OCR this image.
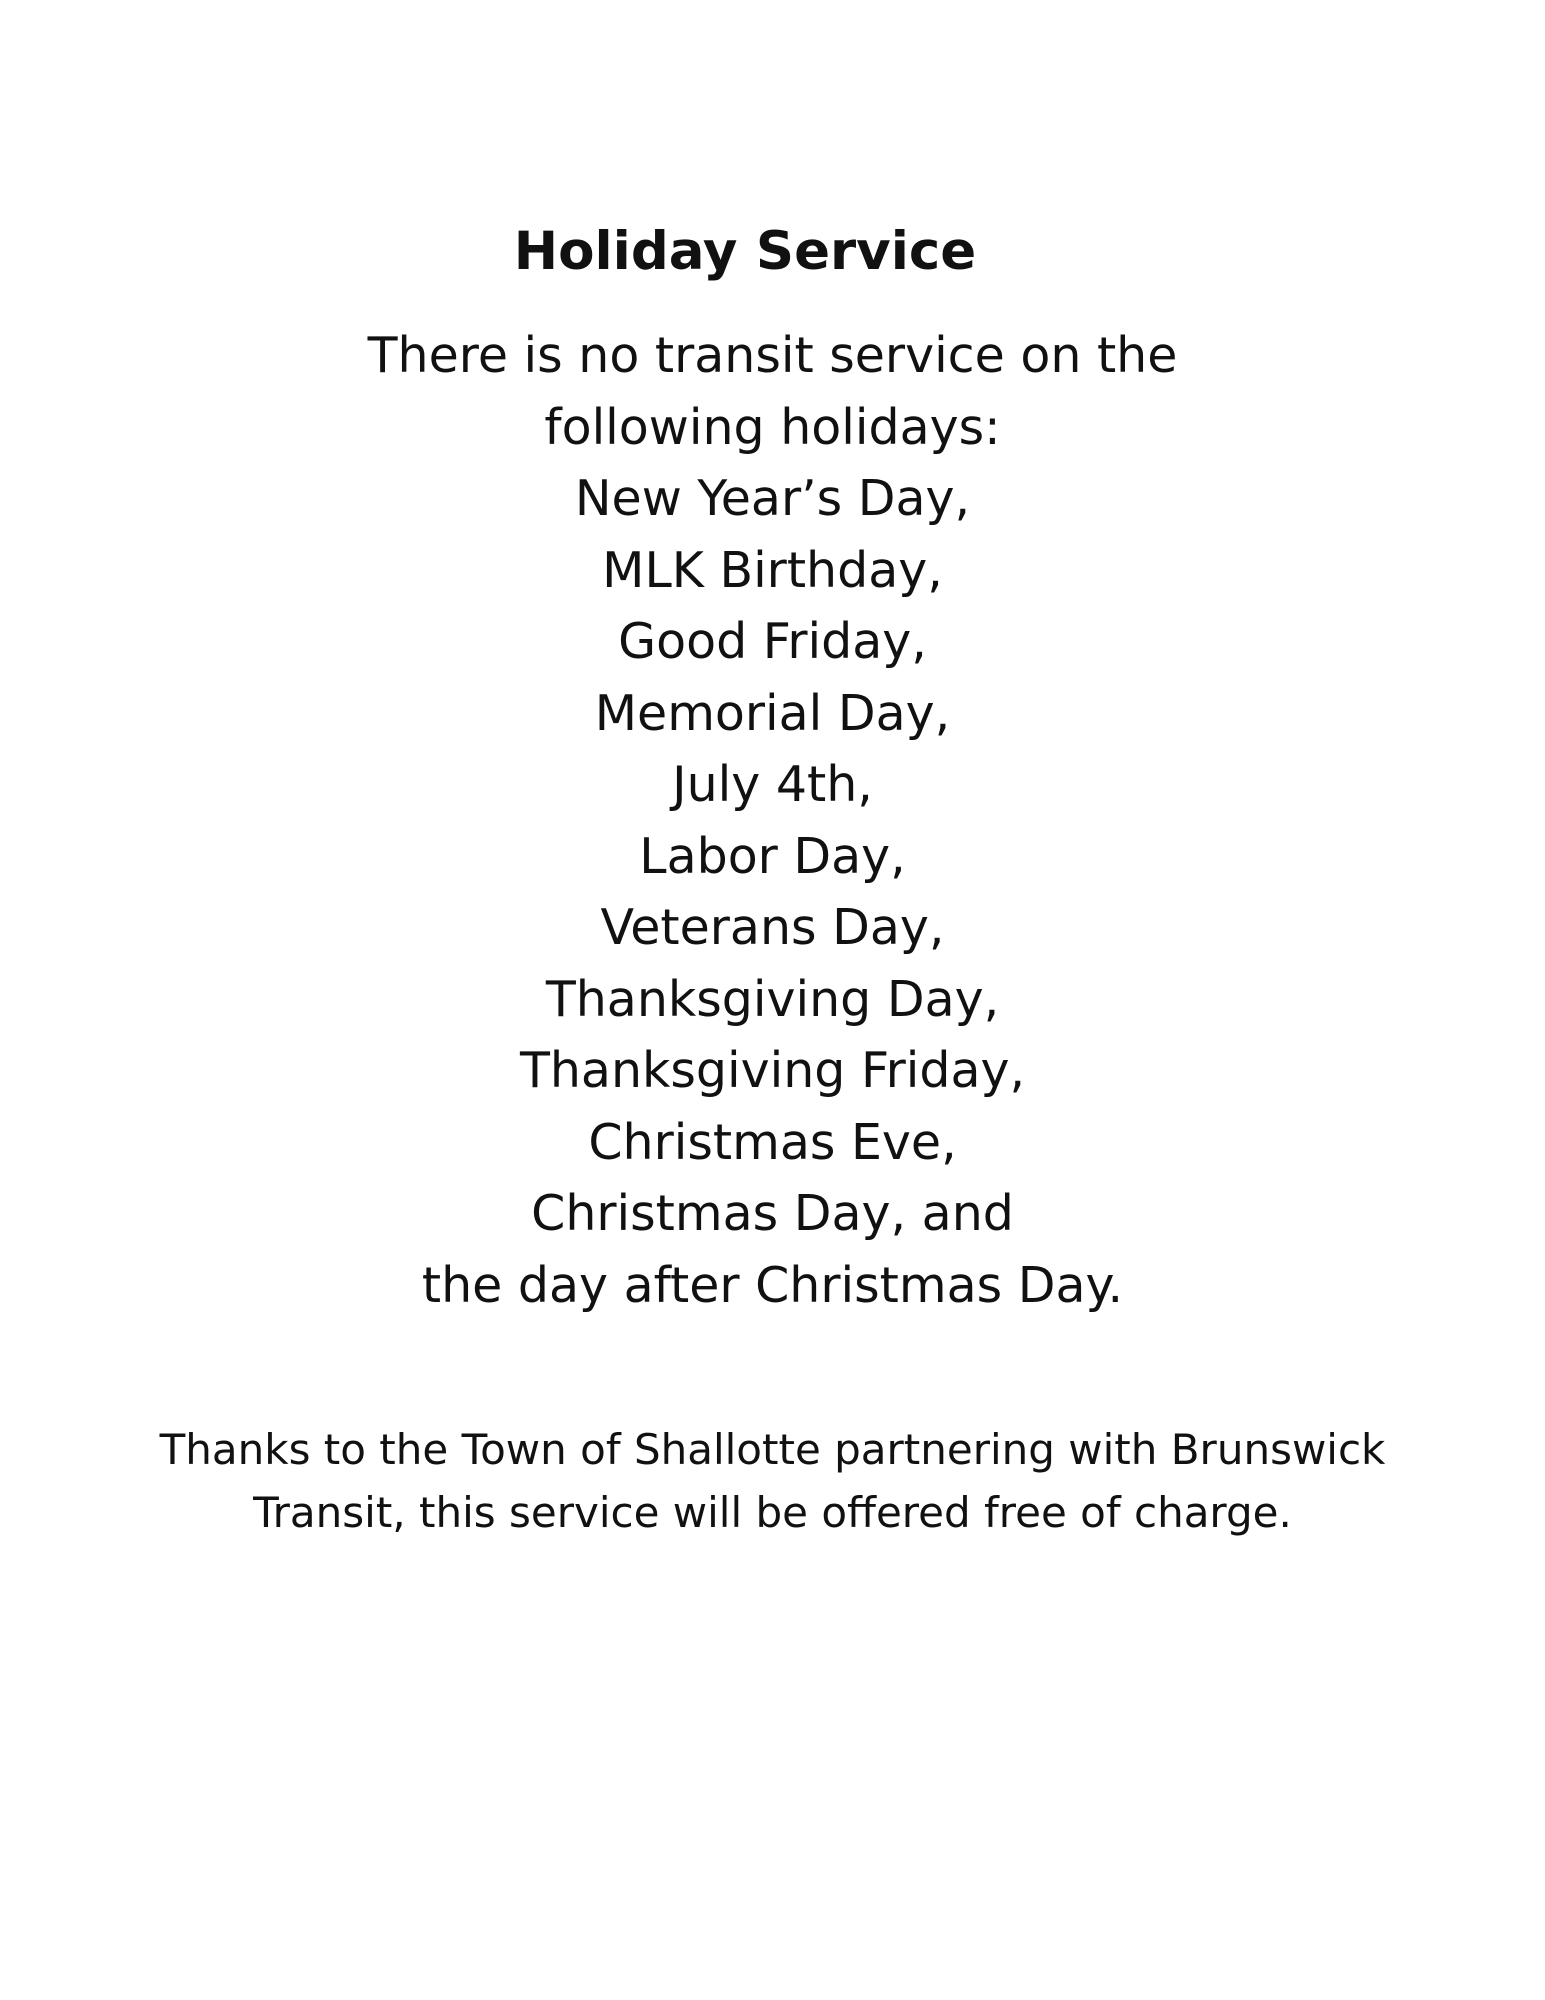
Holiday Service
There is no transit service on the
following holidays:
New Year’s Day,
MLK Birthday,
Good Friday,
Memorial Day,
July 4th,
Labor Day,
Veterans Day,
Thanksgiving Day,
Thanksgiving Friday,
Christmas Eve,
Christmas Day, and
the day after Christmas Day.
Thanks to the Town of Shallotte partnering with Brunswick
Transit, this service will be offered free of charge.
